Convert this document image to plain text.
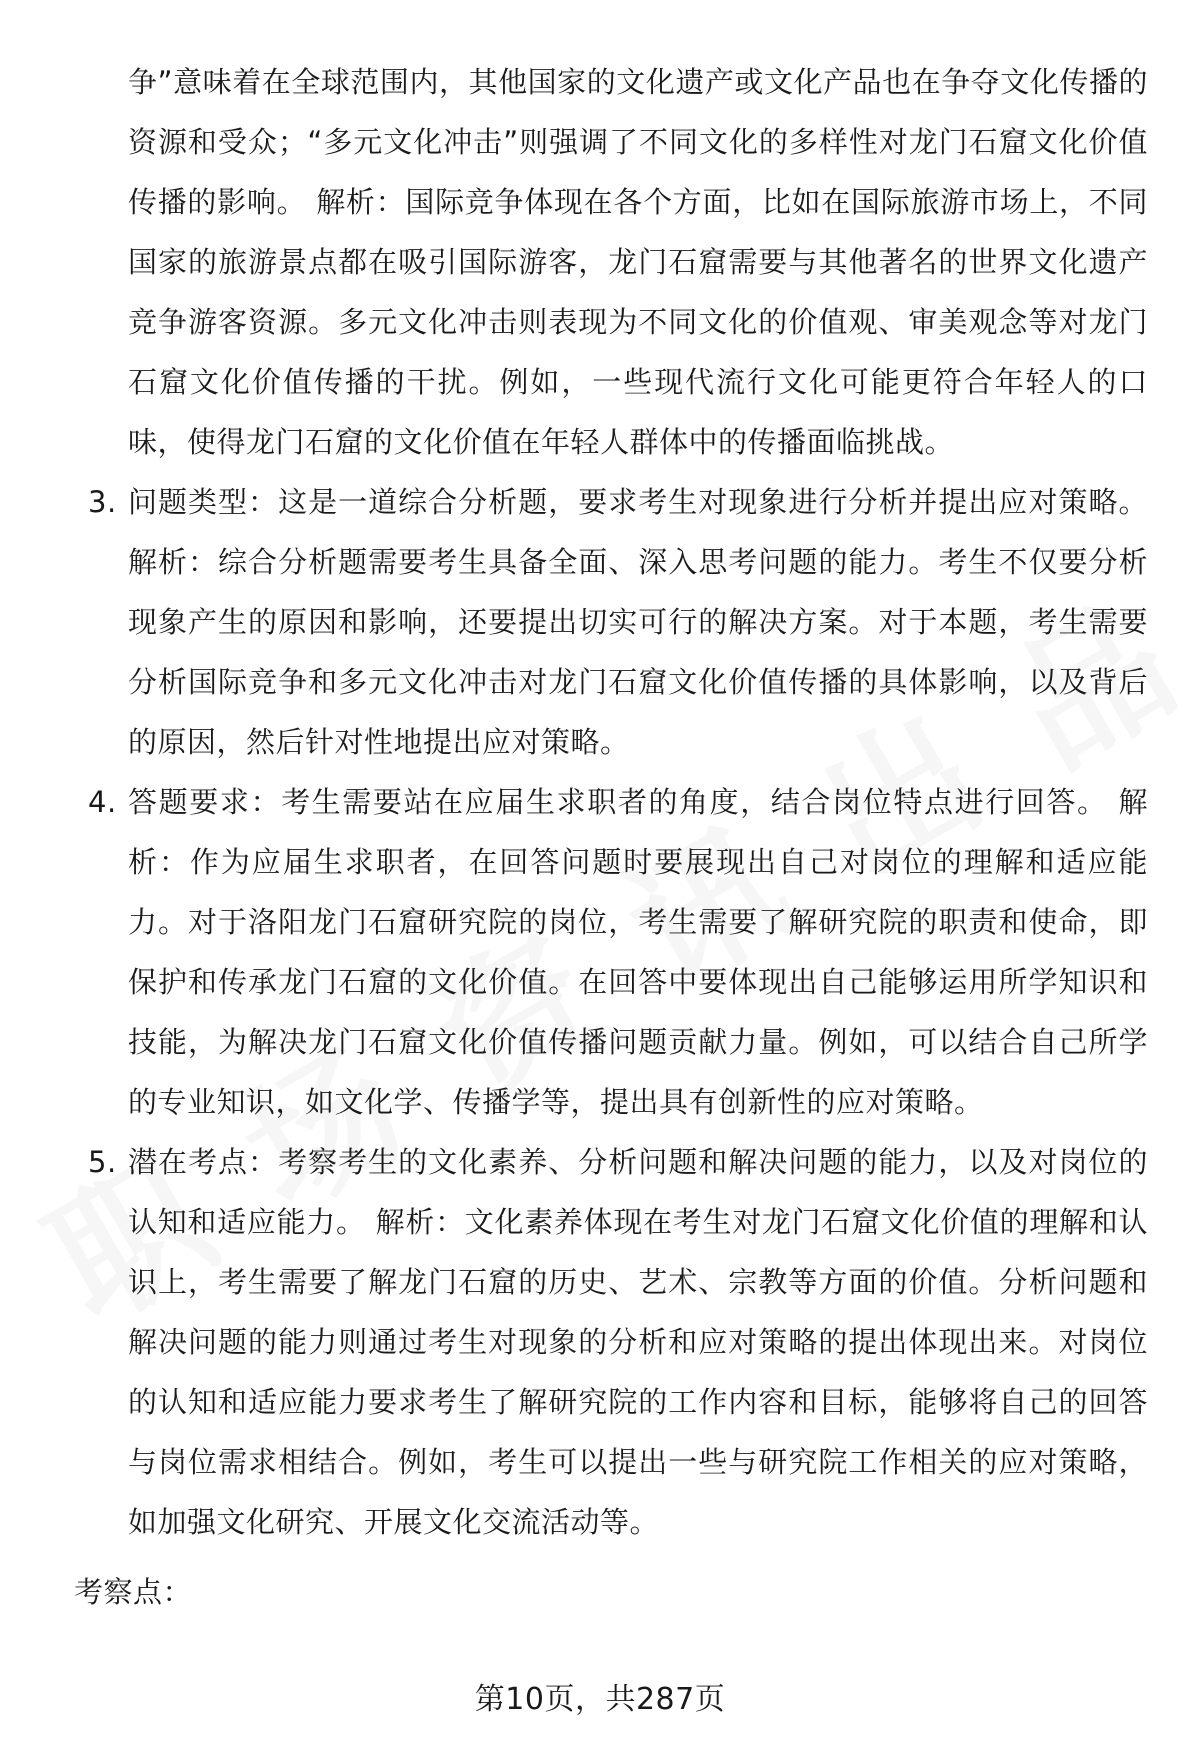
争”意味着在全球范围内，其他国家的文化遗产或文化产品也在争夺文化传播的资源和受众；“多元文化冲击”则强调了不同文化的多样性对龙门石窟文化价值传播的影响。 解析：国际竞争体现在各个方面，比如在国际旅游市场上，不同国家的旅游景点都在吸引国际游客，龙门石窟需要与其他著名的世界文化遗产竞争游客资源。多元文化冲击则表现为不同文化的价值观、审美观念等对龙门石窟文化价值传播的干扰。例如，一些现代流行文化可能更符合年轻人的口味，使得龙门石窟的文化价值在年轻人群体中的传播面临挑战。

3. 问题类型：这是一道综合分析题，要求考生对现象进行分析并提出应对策略。 解析：综合分析题需要考生具备全面、深入思考问题的能力。考生不仅要分析现象产生的原因和影响，还要提出切实可行的解决方案。对于本题，考生需要分析国际竞争和多元文化冲击对龙门石窟文化价值传播的具体影响，以及背后的原因，然后针对性地提出应对策略。
4. 答题要求：考生需要站在应届生求职者的角度，结合岗位特点进行回答。 解析：作为应届生求职者，在回答问题时要展现出自己对岗位的理解和适应能力。对于洛阳龙门石窟研究院的岗位，考生需要了解研究院的职责和使命，即保护和传承龙门石窟的文化价值。在回答中要体现出自己能够运用所学知识和技能，为解决龙门石窟文化价值传播问题贡献力量。例如，可以结合自己所学的专业知识，如文化学、传播学等，提出具有创新性的应对策略。
5. 潜在考点：考察考生的文化素养、分析问题和解决问题的能力，以及对岗位的认知和适应能力。 解析：文化素养体现在考生对龙门石窟文化价值的理解和认识上，考生需要了解龙门石窟的历史、艺术、宗教等方面的价值。分析问题和解决问题的能力则通过考生对现象的分析和应对策略的提出体现出来。对岗位的认知和适应能力要求考生了解研究院的工作内容和目标，能够将自己的回答与岗位需求相结合。例如，考生可以提出一些与研究院工作相关的应对策略，如加强文化研究、开展文化交流活动等。
考察点：
第10页，共287页
